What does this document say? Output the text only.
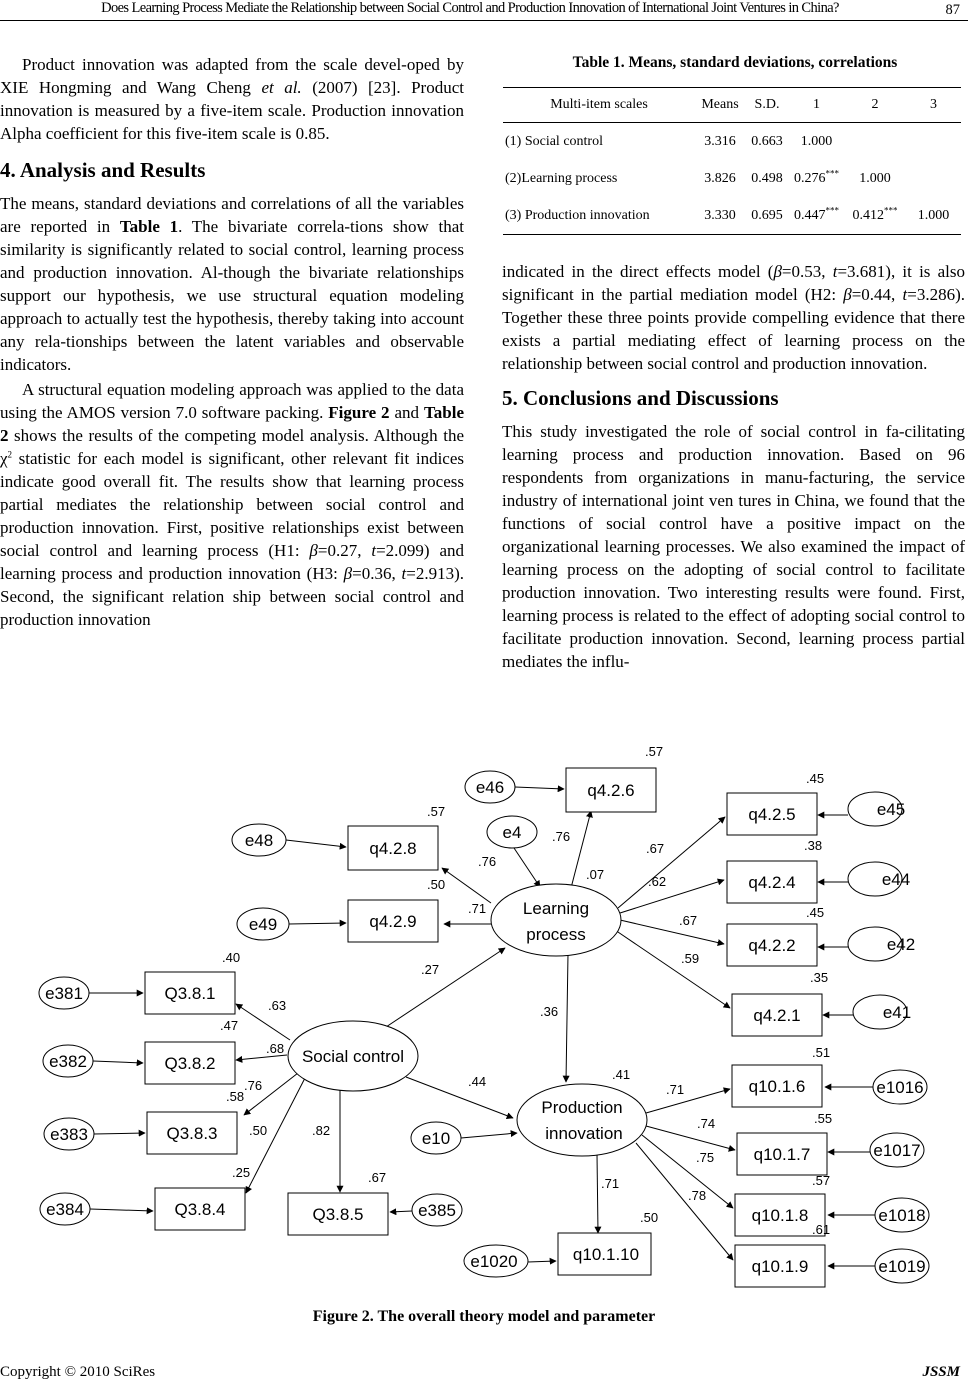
Does Learning Process Mediate the Relationship between Social Control and Production Innovation of International Joint Ventures in China?	87

Product innovation was adapted from the scale devel-oped by XIE Hongming and Wang Cheng et al. (2007) [23]. Product innovation is measured by a five-item scale. Production innovation Alpha coefficient for this five-item scale is 0.85.

4. Analysis and Results

The means, standard deviations and correlations of all the variables are reported in Table 1. The bivariate correla-tions show that similarity is significantly related to social control, learning process and production innovation. Al-though the bivariate relationships support our hypothesis, we use structural equation modeling approach to actually test the hypothesis, thereby taking into account any rela-tionships between the latent variables and observable indicators.

A structural equation modeling approach was applied to the data using the AMOS version 7.0 software packing. Figure 2 and Table 2 shows the results of the competing model analysis. Although the $\chi^2$ statistic for each model is significant, other relevant fit indices indicate good overall fit. The results show that learning process partial mediates the relationship between social control and production innovation. First, positive relationships exist between social control and learning process (H1: β=0.27, t=2.099) and learning process and production innovation (H3: β=0.36, t=2.913). Second, the significant relation ship between social control and production innovation

Table 1. Means, standard deviations, correlations
Multi-item scales	Means	S.D.	1	2	3
(1) Social control	3.316	0.663	1.000		
(2)Learning process	3.826	0.498	0.276***	1.000	
(3) Production innovation	3.330	0.695	0.447***	0.412***	1.000

indicated in the direct effects model (β=0.53, t=3.681), it is also significant in the partial mediation model (H2: β=0.44, t=3.286). Together these three points provide compelling evidence that there exists a partial mediating effect of learning process on the relationship between social control and production innovation.

5. Conclusions and Discussions

This study investigated the role of social control in fa-cilitating learning process and production innovation. Based on 96 respondents from organizations in manu-facturing, the service industry of international joint ven tures in China, we found that the functions of social control have a positive impact on the organizational learning processes. We also examined the impact of learning process on the adopting of social control to facilitate production innovation. Two interesting results were found. First, learning process is related to the effect of adopting social control to facilitate production innovation. Second, learning process partial mediates the influ-

Learning
process
Social control
Production
innovation
q4.2.6
q4.2.8
q4.2.9
q4.2.5
q4.2.4
q4.2.2
q4.2.1
Q3.8.1
Q3.8.2
Q3.8.3
Q3.8.4	Q3.8.5
q10.1.6
q10.1.7
q10.1.8
q10.1.9
q10.1.10
e46
e4
e48
e49
e45
e44
e42
e41
e381
e382
e383
e384	e385
e10
e1016
e1017
e1018
e1019
e1020
.57
.76
.07
.57
.76
.50
.71
.45
.67	.38
.62
.45
.67
.35
.59
.40
.63
.47
.68
.58
.76
.25
.50
.67
.82
.27
.36
.44	.41
.51
.71
.55
.74
.57
.75
.61
.78
.50
.71
Figure 2. The overall theory model and parameter
Copyright © 2010 SciRes	JSSM
